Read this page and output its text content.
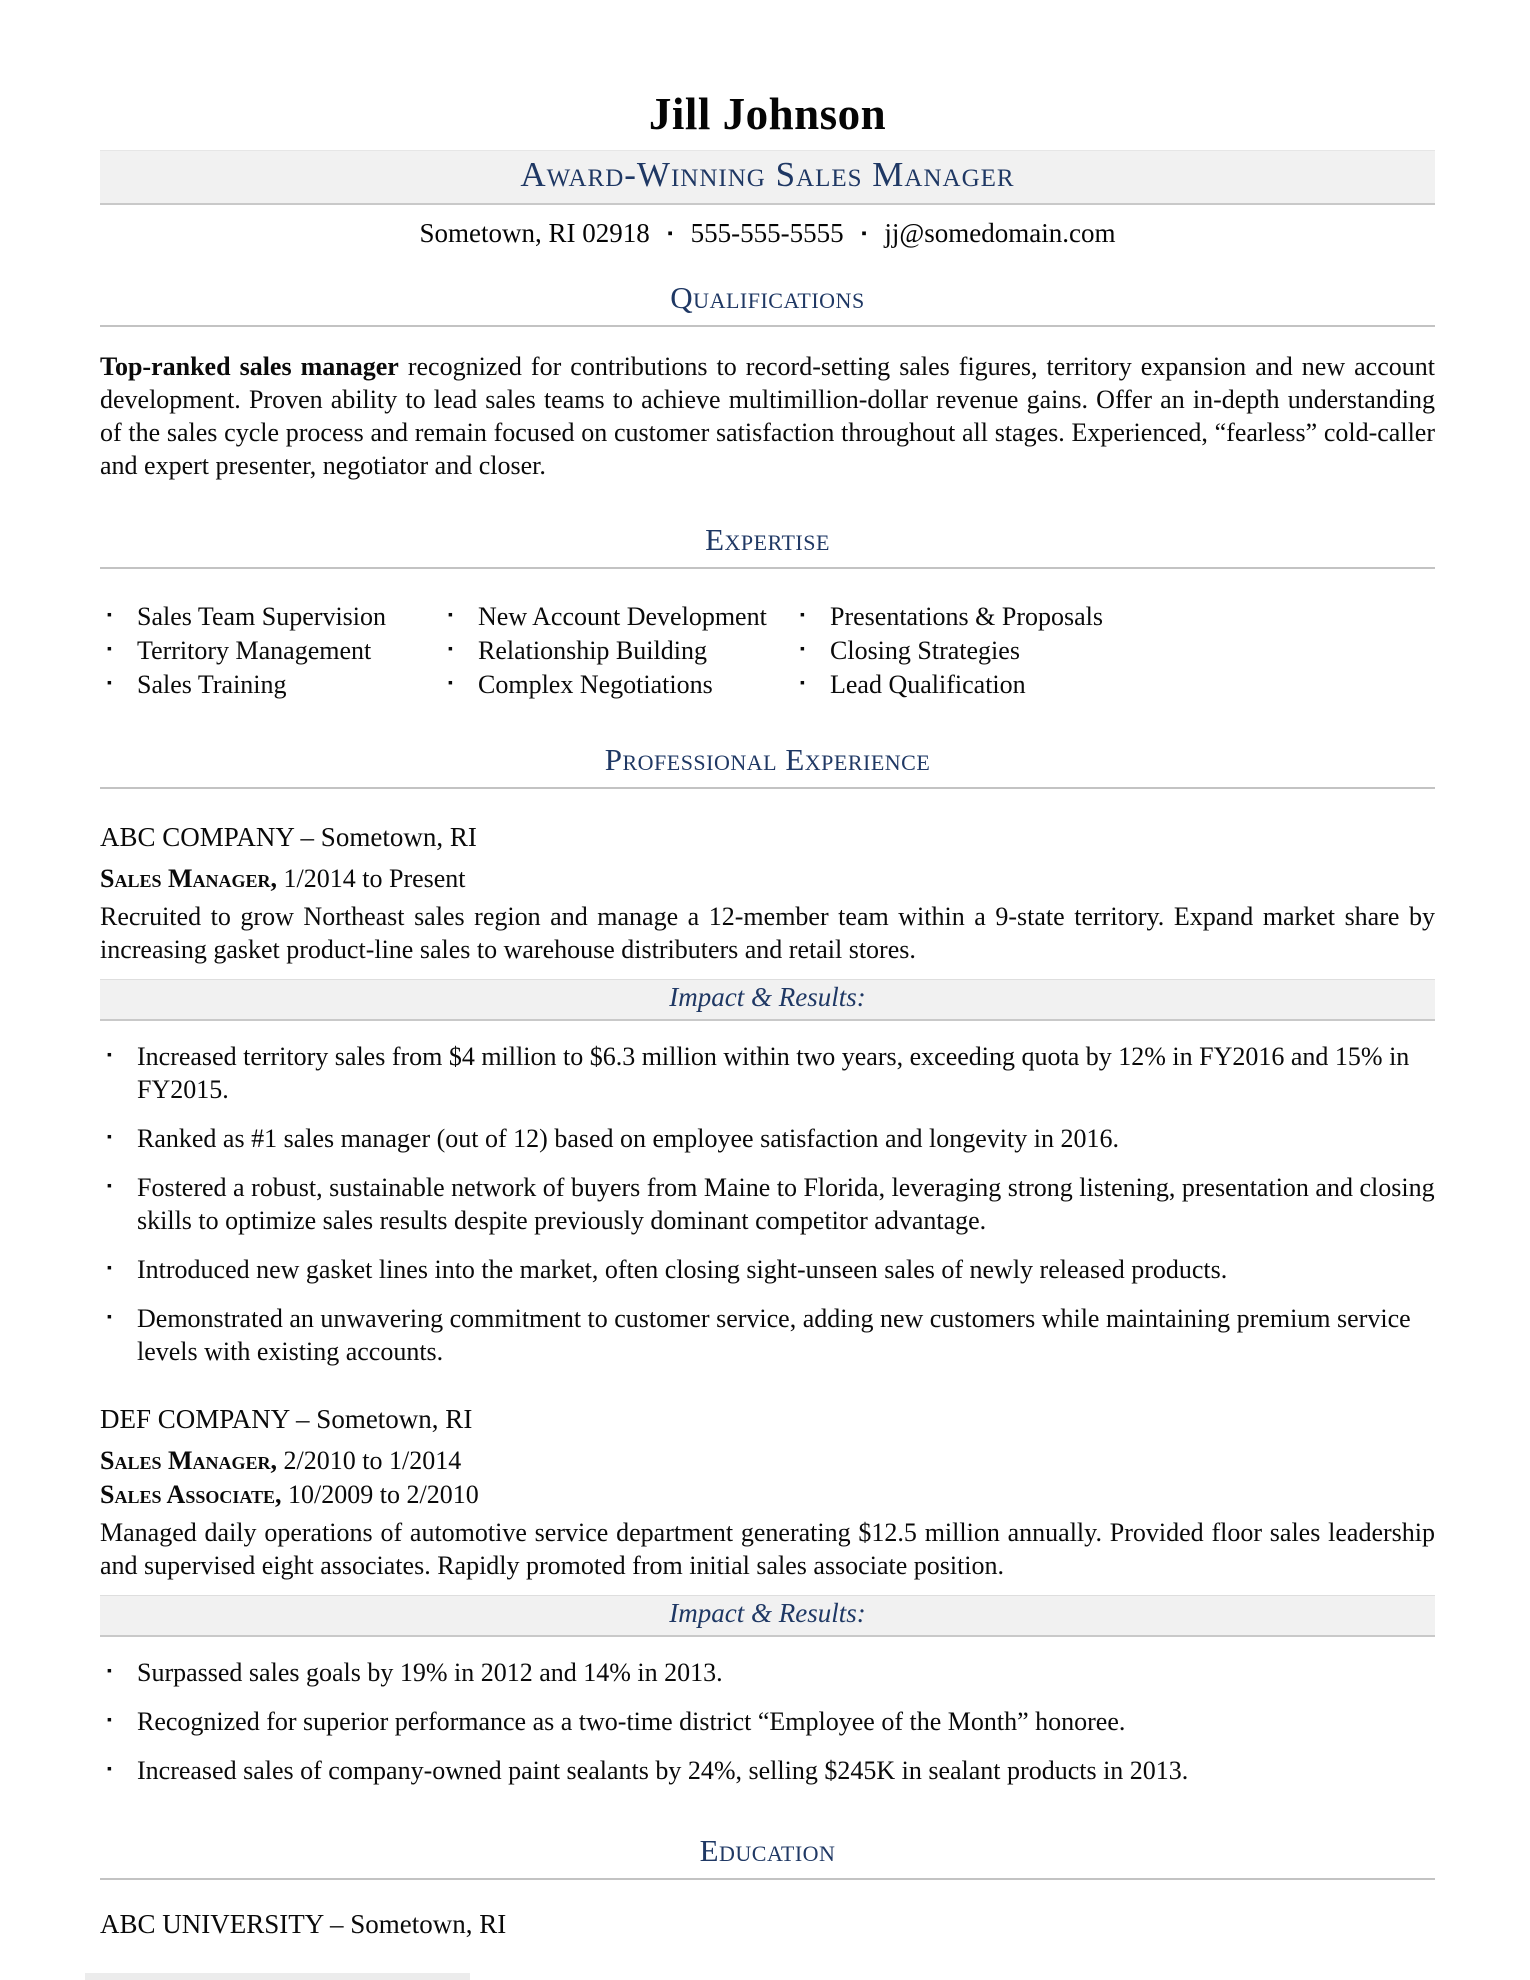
Jill Johnson
Award-Winning Sales Manager
Sometown, RI 02918 ▪ 555-555-5555 ▪ jj@somedomain.com
Qualifications

Top-ranked sales manager recognized for contributions to record-setting sales figures, territory expansion and new account development. Proven ability to lead sales teams to achieve multimillion-dollar revenue gains. Offer an in-depth understanding of the sales cycle process and remain focused on customer satisfaction throughout all stages. Experienced, “fearless” cold-caller and expert presenter, negotiator and closer.

Expertise
▪ Sales Team Supervision
▪ Territory Management
▪ Sales Training
▪ New Account Development
▪ Relationship Building
▪ Complex Negotiations
▪ Presentations & Proposals
▪ Closing Strategies
▪ Lead Qualification
Professional Experience
ABC COMPANY – Sometown, RI
Sales Manager, 1/2014 to Present

Recruited to grow Northeast sales region and manage a 12-member team within a 9-state territory. Expand market share by increasing gasket product-line sales to warehouse distributers and retail stores.

Impact & Results:
▪ Increased territory sales from $4 million to $6.3 million within two years, exceeding quota by 12% in FY2016 and 15% in FY2015.
▪ Ranked as #1 sales manager (out of 12) based on employee satisfaction and longevity in 2016.
▪ Fostered a robust, sustainable network of buyers from Maine to Florida, leveraging strong listening, presentation and closing skills to optimize sales results despite previously dominant competitor advantage.
▪ Introduced new gasket lines into the market, often closing sight-unseen sales of newly released products.
▪ Demonstrated an unwavering commitment to customer service, adding new customers while maintaining premium service levels with existing accounts.
DEF COMPANY – Sometown, RI
Sales Manager, 2/2010 to 1/2014
Sales Associate, 10/2009 to 2/2010

Managed daily operations of automotive service department generating $12.5 million annually. Provided floor sales leadership and supervised eight associates. Rapidly promoted from initial sales associate position.

Impact & Results:
▪ Surpassed sales goals by 19% in 2012 and 14% in 2013.
▪ Recognized for superior performance as a two-time district “Employee of the Month” honoree.
▪ Increased sales of company-owned paint sealants by 24%, selling $245K in sealant products in 2013.
Education
ABC UNIVERSITY – Sometown, RI
